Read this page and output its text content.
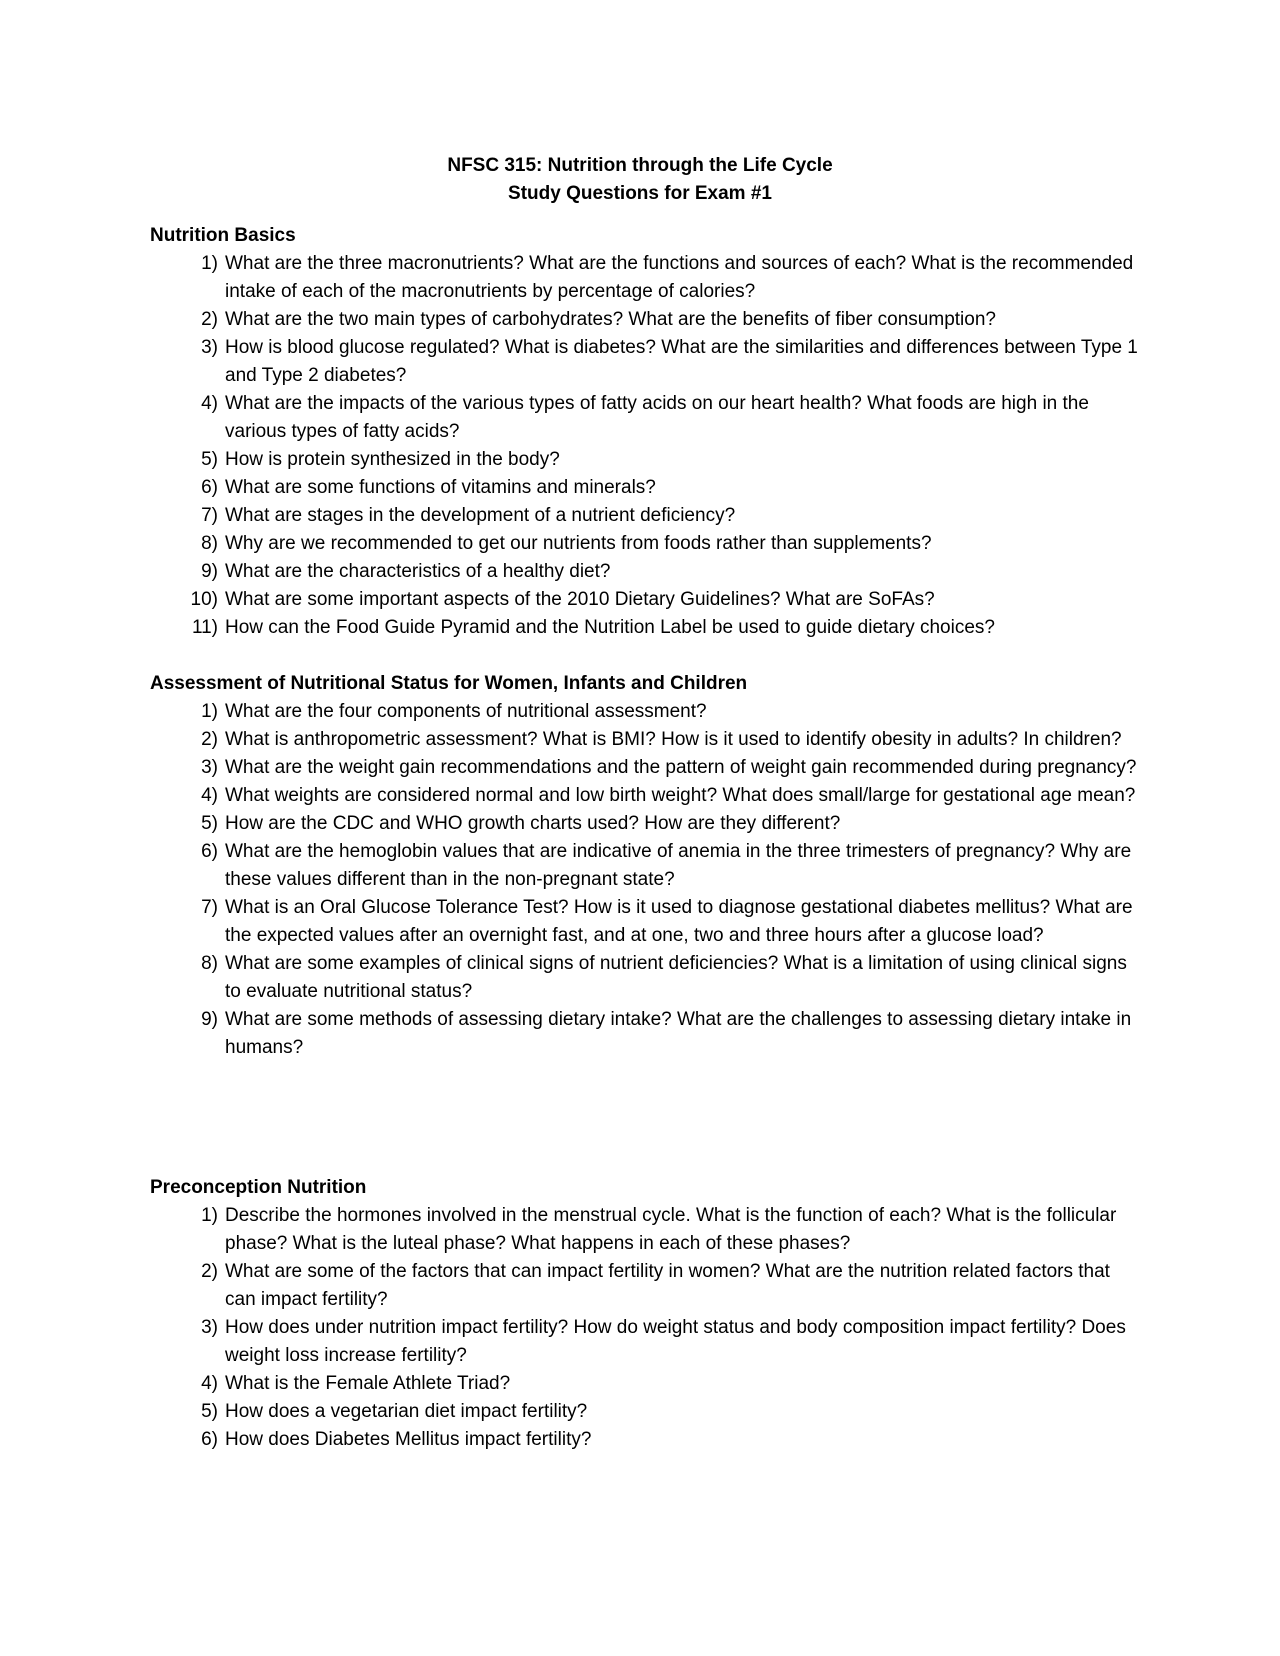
NFSC 315: Nutrition through the Life Cycle
Study Questions for Exam #1
Nutrition Basics
1) What are the three macronutrients? What are the functions and sources of each? What is the recommended intake of each of the macronutrients by percentage of calories?
2) What are the two main types of carbohydrates? What are the benefits of fiber consumption?
3) How is blood glucose regulated? What is diabetes? What are the similarities and differences between Type 1 and Type 2 diabetes?
4) What are the impacts of the various types of fatty acids on our heart health? What foods are high in the various types of fatty acids?
5) How is protein synthesized in the body?
6) What are some functions of vitamins and minerals?
7) What are stages in the development of a nutrient deficiency?
8) Why are we recommended to get our nutrients from foods rather than supplements?
9) What are the characteristics of a healthy diet?
10) What are some important aspects of the 2010 Dietary Guidelines? What are SoFAs?
11) How can the Food Guide Pyramid and the Nutrition Label be used to guide dietary choices?
Assessment of Nutritional Status for Women, Infants and Children
1) What are the four components of nutritional assessment?
2) What is anthropometric assessment? What is BMI? How is it used to identify obesity in adults? In children?
3) What are the weight gain recommendations and the pattern of weight gain recommended during pregnancy?
4) What weights are considered normal and low birth weight? What does small/large for gestational age mean?
5) How are the CDC and WHO growth charts used? How are they different?
6) What are the hemoglobin values that are indicative of anemia in the three trimesters of pregnancy? Why are these values different than in the non-pregnant state?
7) What is an Oral Glucose Tolerance Test? How is it used to diagnose gestational diabetes mellitus? What are the expected values after an overnight fast, and at one, two and three hours after a glucose load?
8) What are some examples of clinical signs of nutrient deficiencies? What is a limitation of using clinical signs to evaluate nutritional status?
9) What are some methods of assessing dietary intake? What are the challenges to assessing dietary intake in humans?
Preconception Nutrition
1) Describe the hormones involved in the menstrual cycle. What is the function of each? What is the follicular phase? What is the luteal phase? What happens in each of these phases?
2) What are some of the factors that can impact fertility in women? What are the nutrition related factors that can impact fertility?
3) How does under nutrition impact fertility? How do weight status and body composition impact fertility? Does weight loss increase fertility?
4) What is the Female Athlete Triad?
5) How does a vegetarian diet impact fertility?
6) How does Diabetes Mellitus impact fertility?
